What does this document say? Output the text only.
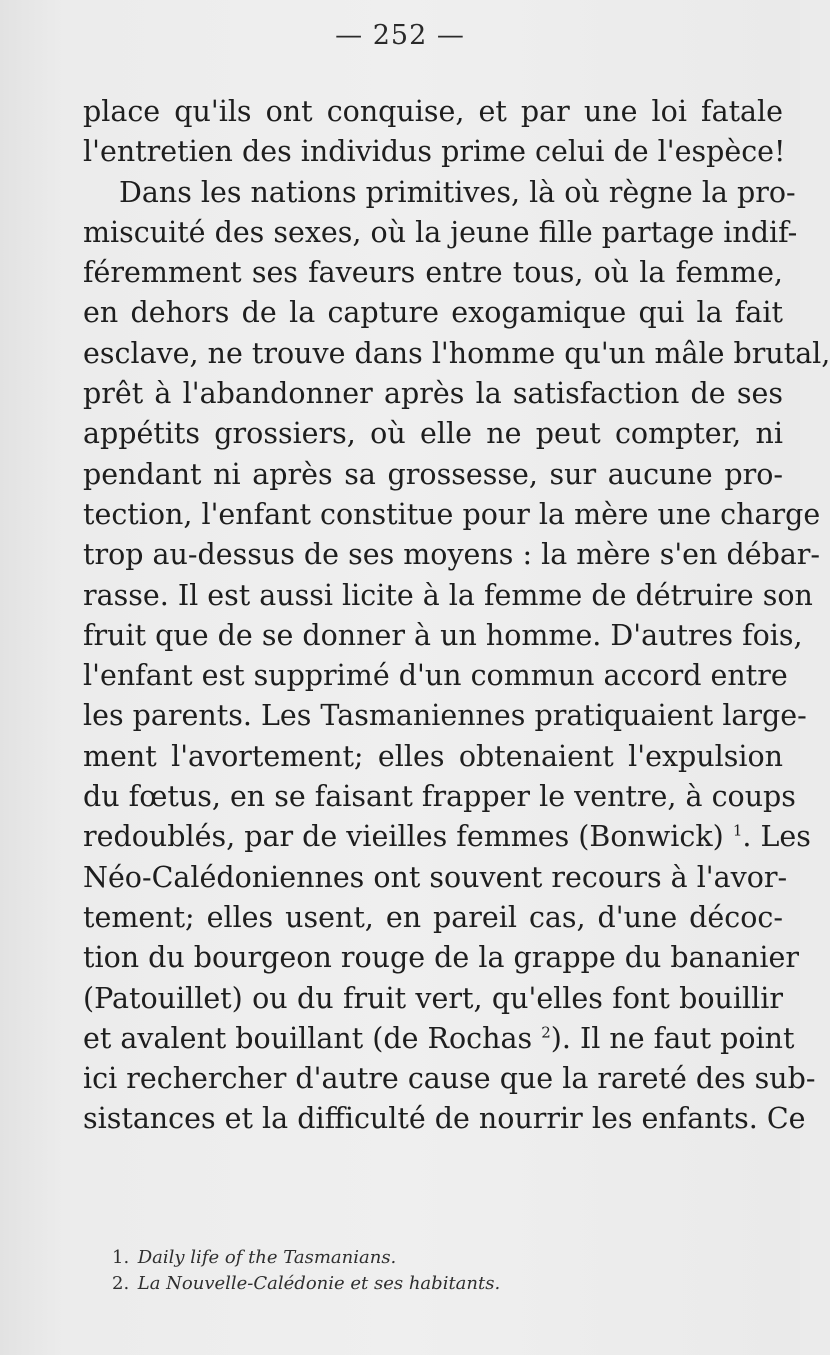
— 252 —
place qu'ils ont conquise, et par une loi fatale
l'entretien des individus prime celui de l'espèce!
Dans les nations primitives, là où règne la pro-
miscuité des sexes, où la jeune fille partage indif-
féremment ses faveurs entre tous, où la femme,
en dehors de la capture exogamique qui la fait
esclave, ne trouve dans l'homme qu'un mâle brutal,
prêt à l'abandonner après la satisfaction de ses
appétits grossiers, où elle ne peut compter, ni
pendant ni après sa grossesse, sur aucune pro-
tection, l'enfant constitue pour la mère une charge
trop au-dessus de ses moyens : la mère s'en débar-
rasse. Il est aussi licite à la femme de détruire son
fruit que de se donner à un homme. D'autres fois,
l'enfant est supprimé d'un commun accord entre
les parents. Les Tasmaniennes pratiquaient large-
ment l'avortement; elles obtenaient l'expulsion
du fœtus, en se faisant frapper le ventre, à coups
redoublés, par de vieilles femmes (Bonwick) $^1$. Les
Néo-Calédoniennes ont souvent recours à l'avor-
tement; elles usent, en pareil cas, d'une décoc-
tion du bourgeon rouge de la grappe du bananier
(Patouillet) ou du fruit vert, qu'elles font bouillir
et avalent bouillant (de Rochas $^2$). Il ne faut point
ici rechercher d'autre cause que la rareté des sub-
sistances et la difficulté de nourrir les enfants. Ce
1. Daily life of the Tasmanians.
2. La Nouvelle-Calédonie et ses habitants.
